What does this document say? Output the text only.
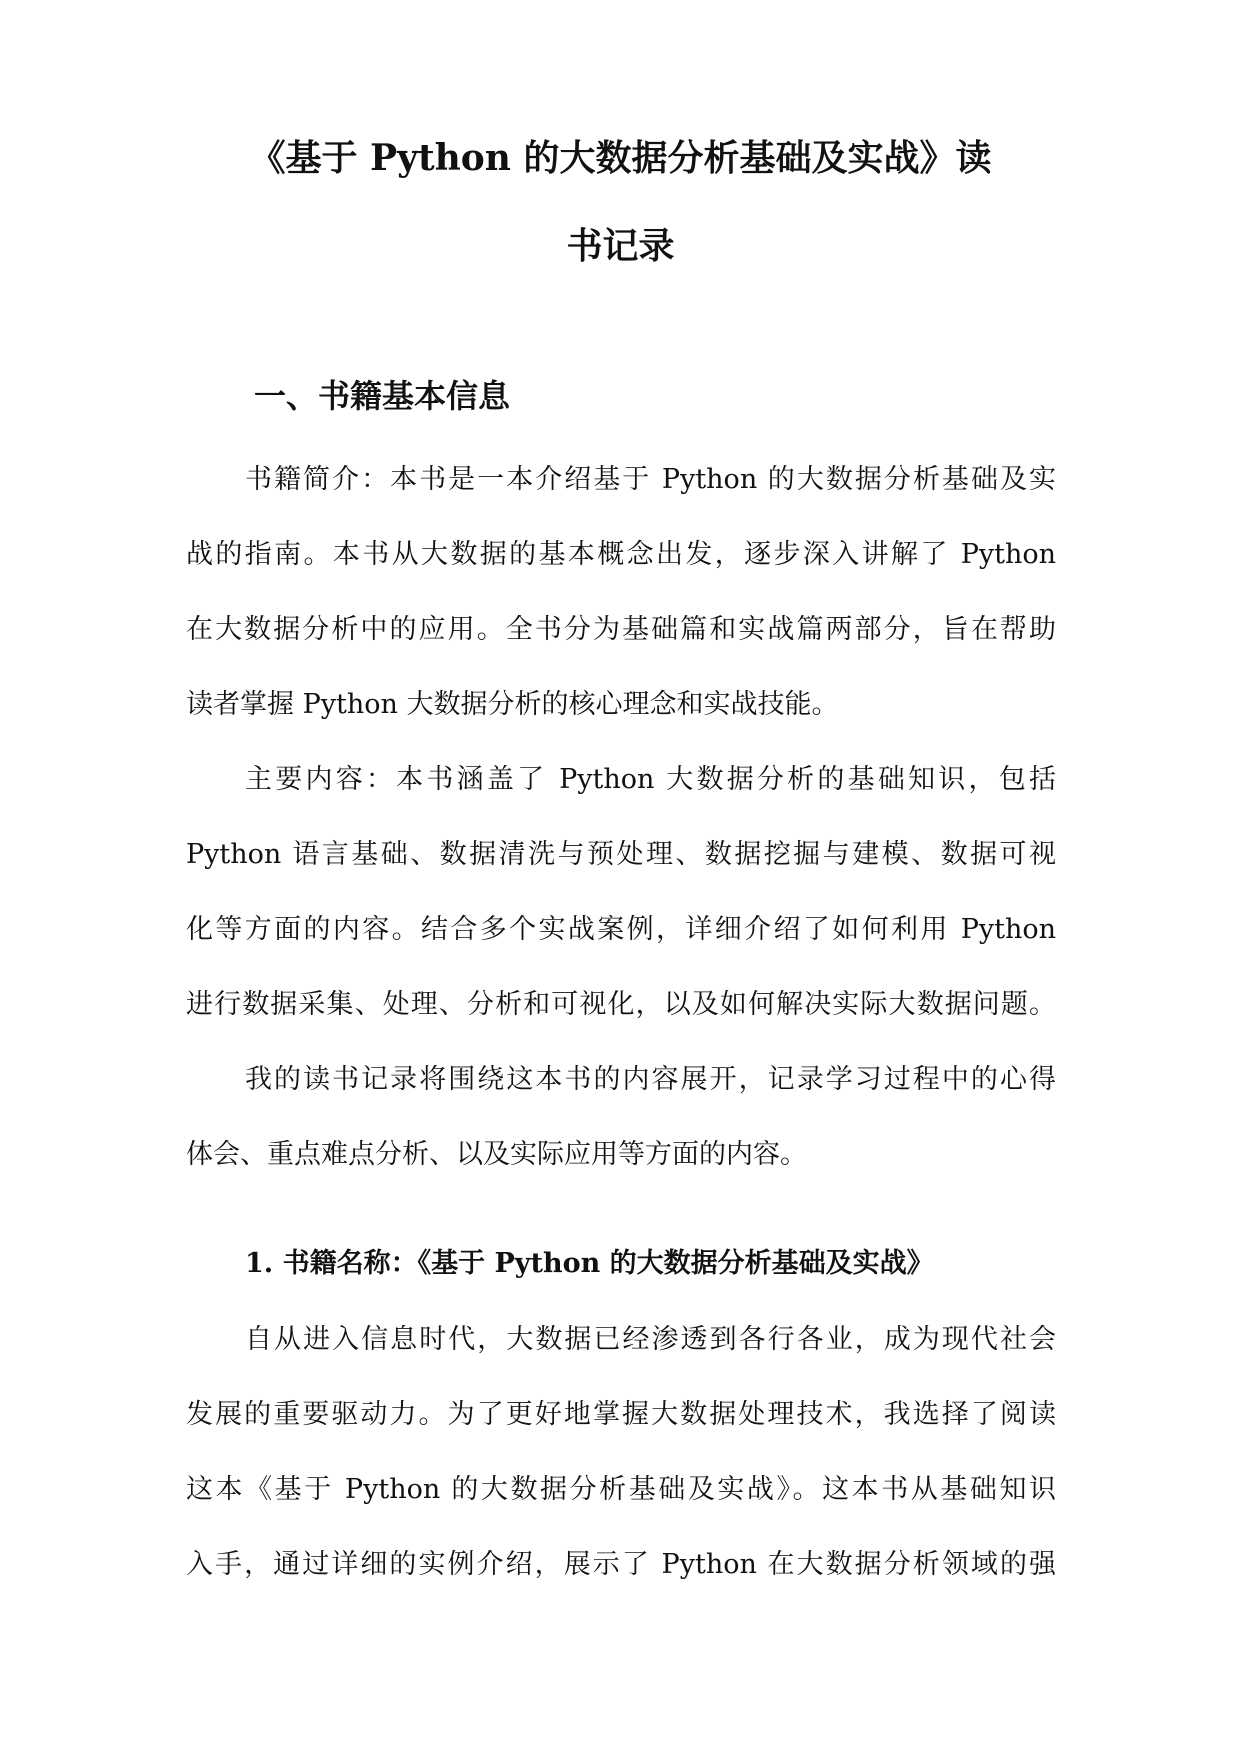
《基于 Python 的大数据分析基础及实战》读
书记录
一、书籍基本信息
书籍简介：本书是一本介绍基于 Python 的大数据分析基础及实
战的指南。本书从大数据的基本概念出发，逐步深入讲解了 Python
在大数据分析中的应用。全书分为基础篇和实战篇两部分，旨在帮助
读者掌握 Python 大数据分析的核心理念和实战技能。
主要内容：本书涵盖了 Python 大数据分析的基础知识，包括
Python 语言基础、数据清洗与预处理、数据挖掘与建模、数据可视
化等方面的内容。结合多个实战案例，详细介绍了如何利用 Python
进行数据采集、处理、分析和可视化，以及如何解决实际大数据问题。
我的读书记录将围绕这本书的内容展开，记录学习过程中的心得
体会、重点难点分析、以及实际应用等方面的内容。
1. 书籍名称：《基于 Python 的大数据分析基础及实战》
自从进入信息时代，大数据已经渗透到各行各业，成为现代社会
发展的重要驱动力。为了更好地掌握大数据处理技术，我选择了阅读
这本《基于 Python 的大数据分析基础及实战》。这本书从基础知识
入手，通过详细的实例介绍，展示了 Python 在大数据分析领域的强
